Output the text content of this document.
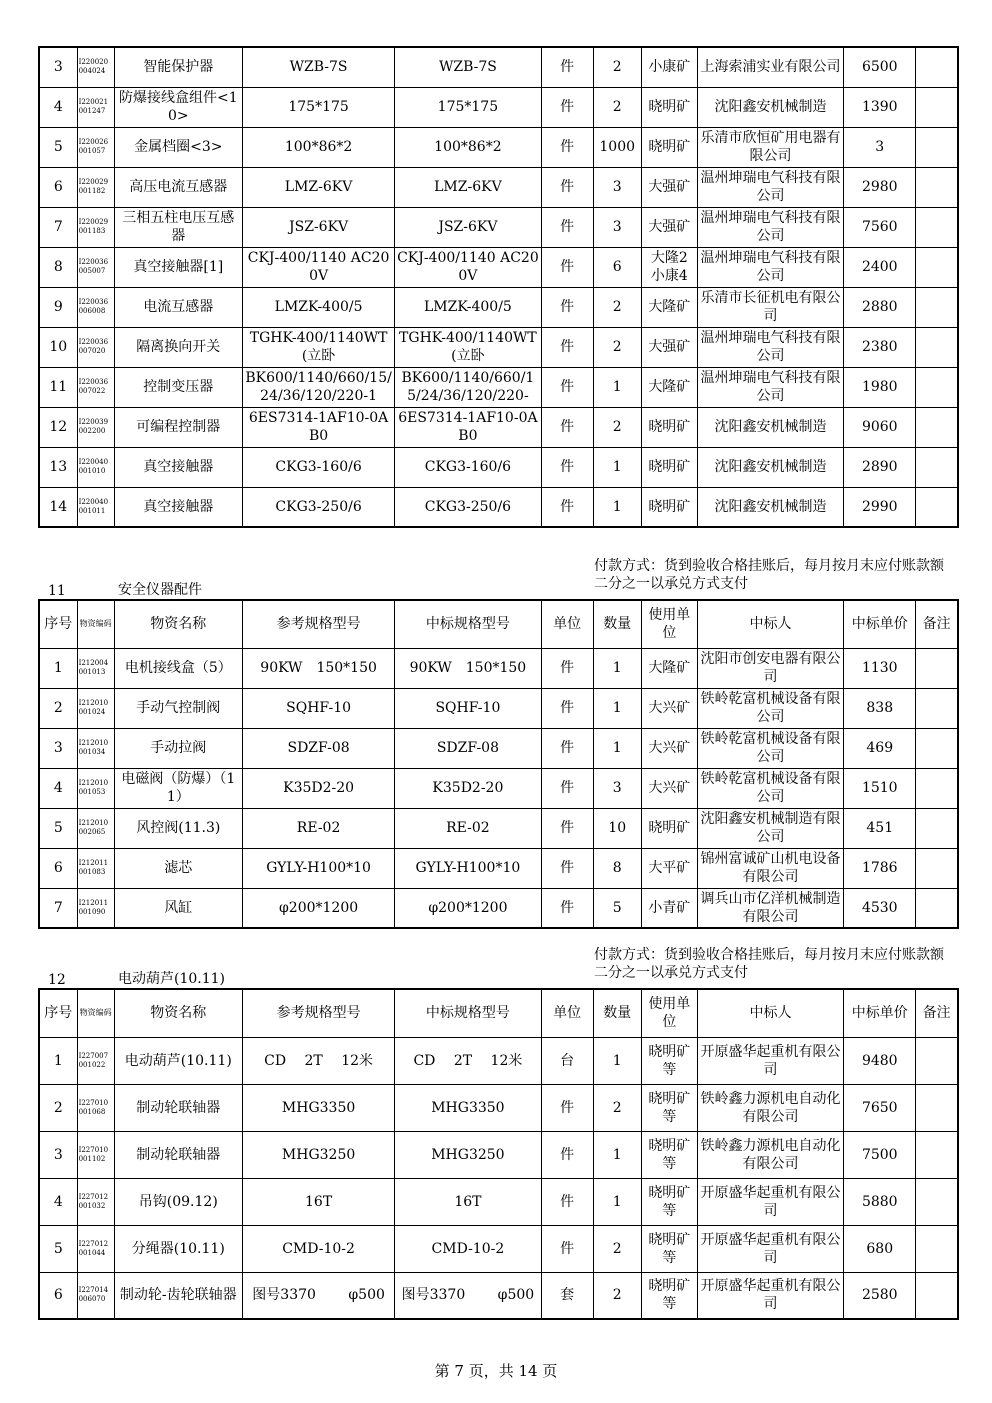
3	I220020 004024	智能保护器	WZB-7S	WZB-7S	件	2	小康矿	上海索浦实业有限公司	6500	
4	I220021 001247	防爆接线盒组件<10>	175*175	175*175	件	2	晓明矿	沈阳鑫安机械制造	1390	
5	I220026 001057	金属档圈<3>	100*86*2	100*86*2	件	1000	晓明矿	乐清市欣恒矿用电器有限公司	3	
6	I220029 001182	高压电流互感器	LMZ-6KV	LMZ-6KV	件	3	大强矿	温州坤瑞电气科技有限公司	2980	
7	I220029 001183	三相五柱电压互感器	JSZ-6KV	JSZ-6KV	件	3	大强矿	温州坤瑞电气科技有限公司	7560	
8	I220036 005007	真空接触器[1]	CKJ-400/1140 AC200V	CKJ-400/1140 AC200V	件	6	大隆2 小康4	温州坤瑞电气科技有限公司	2400	
9	I220036 006008	电流互感器	LMZK-400/5	LMZK-400/5	件	2	大隆矿	乐清市长征机电有限公司	2880	
10	I220036 007020	隔离换向开关	TGHK-400/1140WT(立卧	TGHK-400/1140WT(立卧	件	2	大强矿	温州坤瑞电气科技有限公司	2380	
11	I220036 007022	控制变压器	BK600/1140/660/15/24/36/120/220-1	BK600/1140/660/15/24/36/120/220-	件	1	大隆矿	温州坤瑞电气科技有限公司	1980	
12	I220039 002200	可编程控制器	6ES7314-1AF10-0AB0	6ES7314-1AF10-0AB0	件	2	晓明矿	沈阳鑫安机械制造	9060	
13	I220040 001010	真空接触器	CKG3-160/6	CKG3-160/6	件	1	晓明矿	沈阳鑫安机械制造	2890	
14	I220040 001011	真空接触器	CKG3-250/6	CKG3-250/6	件	1	晓明矿	沈阳鑫安机械制造	2990	
11	安全仪器配件
付款方式：货到验收合格挂账后，每月按月末应付账款额二分之一以承兑方式支付
序号	物资编码	物资名称	参考规格型号	中标规格型号	单位	数量	使用单位	中标人	中标单价	备注
1	I212004 001013	电机接线盒（5）	90KW　150*150	90KW　150*150	件	1	大隆矿	沈阳市创安电器有限公司	1130	
2	I212010 001024	手动气控制阀	SQHF-10	SQHF-10	件	1	大兴矿	铁岭乾富机械设备有限公司	838	
3	I212010 001034	手动拉阀	SDZF-08	SDZF-08	件	1	大兴矿	铁岭乾富机械设备有限公司	469	
4	I212010 001053	电磁阀（防爆）（11）	K35D2-20	K35D2-20	件	3	大兴矿	铁岭乾富机械设备有限公司	1510	
5	I212010 002065	风控阀(11.3)	RE-02	RE-02	件	10	晓明矿	沈阳鑫安机械制造有限公司	451	
6	I212011 001083	滤芯	GYLY-H100*10	GYLY-H100*10	件	8	大平矿	锦州富诚矿山机电设备有限公司	1786	
7	I212011 001090	风缸	φ200*1200	φ200*1200	件	5	小青矿	调兵山市亿洋机械制造有限公司	4530	
12	电动葫芦(10.11)
付款方式：货到验收合格挂账后，每月按月末应付账款额二分之一以承兑方式支付
序号	物资编码	物资名称	参考规格型号	中标规格型号	单位	数量	使用单位	中标人	中标单价	备注
1	I227007 001022	电动葫芦(10.11)	CD　 2T　 12米	CD　 2T　 12米	台	1	晓明矿等	开原盛华起重机有限公司	9480	
2	I227010 001068	制动轮联轴器	MHG3350	MHG3350	件	2	晓明矿等	铁岭鑫力源机电自动化有限公司	7650	
3	I227010 001102	制动轮联轴器	MHG3250	MHG3250	件	1	晓明矿等	铁岭鑫力源机电自动化有限公司	7500	
4	I227012 001032	吊钩(09.12)	16T	16T	件	1	晓明矿等	开原盛华起重机有限公司	5880	
5	I227012 001044	分绳器(10.11)	CMD-10-2	CMD-10-2	件	2	晓明矿等	开原盛华起重机有限公司	680	
6	I227014 006070	制动轮-齿轮联轴器	图号3370　　 φ500	图号3370　　 φ500	套	2	晓明矿等	开原盛华起重机有限公司	2580	
第 7 页，共 14 页
